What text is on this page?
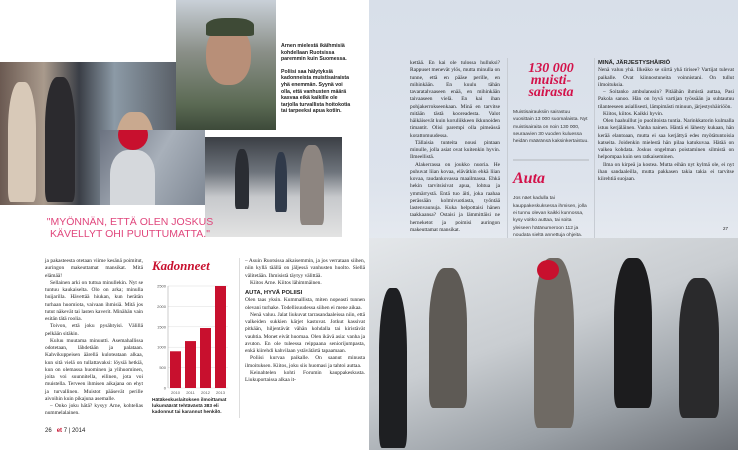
Arnen mielestä ikäihmisiä kohdellaan Ruotsissa paremmin kuin Suomessa.

Poliisi saa hälytyksiä kadonneista muistisairaista yhä enemmän. Syynä voi olla, että vanhusten määrä kasvaa eikä kaikille ole tarjolla turvallista hoitokotia tai tarpeeksi apua kotiin.

"MYÖNNÄN, ETTÄ OLEN JOSKUS KÄVELLYT OHI PUUTTUMATTA."

ja pakasteesta otetaan viime kesänä poimitut, auringon makeuttamat mansikat. Mitä elämää!

Sellainen arki on tuttua minullekin. Nyt se tuntuu kaukaiselta. Olo on arka; minulla huijarilla. Hävettää hiukan, kun herätän turhaan huomiota, vaivaan ihmisiä. Mitä jos tutut näkevät tai lasten kaverit. Minähän vain esitän tätä roolia.

Toivon, että joku pysähtyisi. Välillä pelkään sitäkin.

Kuluu muutama minuutti. Asemahallissa odotetaan, lähdetään ja palataan. Kahvikuppeisen äärellä kuloteataan alkaa, kun sitä vielä on tullattavaksi: löysiä hetkiä, kun on olemassa huominen ja ylihuominen, joita voi suunnitella, eilinen, jota voi muistella. Terveen ihmisen aikajana on ehyt ja turvallinen. Muistot pääsevät perille aivoihin kuin pikajuna asemalle.

– Onko joku hätä? kysyy Arne, kohtelias nummelalainen.

Kadonneet
0
500
1000
1500
2000
2500
2010 2011 2012 2013
Hätäkeskuslaitoksen ilmoittamat lukumäärät tehtävästä 383 eli kadonnut tai karannut henkilö.

– Asuin Ruotsissa aikaisemmin, ja jos verrataan siihen, niin kyllä täällä on jäljessä vanhusten huolto. Siellä välitetään. Ihmisistä täytyy välittää.

Kiitos Arne. Kiitos lähimmäinen.

AUTA, HYVÄ POLIISI

Olen taas yksin. Kummallista, miten nopeasti tunnen olevani turhake. Todellisuudessa siihen ei mene aikaa.

Nenä valuu. Jalat liukuvat tarrasandaaleissa niin, että valkeiden sukkien kärjet kastuvat. Jotkut kassivat pitkään, hiljentävät vähän kohdalla tai kiristävät vauhtia. Monet eivät huomaa. Olen ikävä asia: vanha ja avuton. En ole tuleessa reippaana seniorijumpasta, enkä kiirehdi kahvilaan ystävätärtä tapaamaan.

Poliisi kurvaa paikalle. On saanut minusta ilmoituksen. Kiitos, joku siis huomasi ja tahtoi auttaa.

Keinahtelen kohti Forumin kauppakeskusta. Liukuportaissa alkaa it-

26 et 7 | 2014

kettää. En kai ole tulossa hulluksi? Rappuset menevät ylös, mutta minulla on tunne, että en pääse perille, en mihinkään. En kuulu tähän tavaratalvaaseen enää, en mihinkään taivaaseen vielä. En kai ihan pohjakerrokseenkaan. Minä en tarvitse mitään tästä kooreadesta. Valot häikäisevät kuin koruliikkeen ikkunoiden timantit. Olisi parempi olla pimeässä korattomuudessa.

Tällaisia tunteita nousi pintaan minulle, jolla asiat ovat kuitenkin hyvin. Ilmeellistä.

Alakerrassa on joukko nuoria. He puhuvat liian kovaa, elävätkin ehkä liian kovaa, raudankovassa maailmassa. Ehkä hekin tarvitsisivat apua, lohtua ja ymmärrystä. Entä tuo äiti, joka raahaa perässään kolmivuotiasta, työntää lastenvaunuja. Kuka helpottaisi hänen taakkaansa? Ostaisi ja lämmittäisi ne herneketot ja poimisi auringon makeuttamat mansikat.

130 000 muisti-sairasta
Muistisairauksiin sairastuu vuosittain 13 000 suomalaista. Nyt muistisairaita on noin 130 000, seuraavien 30 vuoden kuluessa heidän määränsä kaksinkertaistuu.
Auta
Jos näet kadulla tai kauppakeskuksessa ihmisen, jolla ei tunnu olevan kaikki kunnossa, kysy voitko auttaa, tai soita yleiseen hätänumeroon 112 ja noudata sieltä annettuja ohjeita.
MINÄ, JÄRJESTYSHÄIRIÖ

Nenä valuu yhä. Ilkeäko se siirtä yhä tirisee? Vartijat tulevat paikalle. Ovat kiinnostuneita voinnistani. On tullut ilmoituksia.

– Soitanko ambulanssin? Pitäähän ihmistä auttaa, Pasi Pakola sanoo. Hän on hyvä vartijan työssään ja suhtautuu tilanteeseen asiallisesti, lämpimästi minuun, järjestyshäiriöön.

Kiitos, kiitos. Kaikki hyvin.

Olen haahuillut jo puolitoista tuntia. Narinkkatorin kulmalla istuu kerjäläinen. Vanha nainen. Häntä ei lähesty kukaan, hän kerää elantoaan, mutta ei saa kerjättyä edes myötätuntoisia katseita. Joidenkin mielestä hän pilaa katukuvaa. Hätää on vaikea kohdata. Joskus ongelman poistaminen silmistä on helpompaa kuin sen ratkaiseminen.

Ilma on kirpeä ja kostea. Mutta eihän nyt kylmä ole, ei nyt ihan sandaaleilla, mutta pakkasen takia takia ei tarvitse kiirehtiä suojaan.

27
